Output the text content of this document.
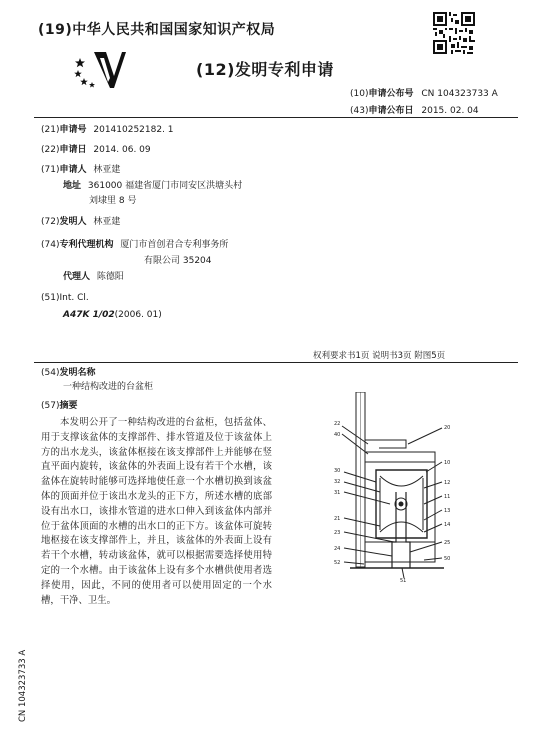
(19)中华人民共和国国家知识产权局
(12)发明专利申请
(10)申请公布号 CN 104323733 A
(43)申请公布日 2015. 02. 04
(21)申请号 201410252182. 1
(22)申请日 2014. 06. 09
(71)申请人 林亚建
地址 361000 福建省厦门市同安区洪塘头村
刘埭里 8 号
(72)发明人 林亚建
(74)专利代理机构 厦门市首创君合专利事务所
有限公司 35204
代理人 陈德阳
(51)Int. Cl.
A47K 1/02(2006. 01)
权利要求书1页 说明书3页 附图5页
(54)发明名称
一种结构改进的台盆柜
(57)摘要
本发明公开了一种结构改进的台盆柜，包括盆体、用于支撑该盆体的支撑部件、排水管道及位于该盆体上方的出水龙头，该盆体枢接在该支撑部件上并能够在竖直平面内旋转，该盆体的外表面上设有若干个水槽，该盆体在旋转时能够可选择地使任意一个水槽切换到该盆体的顶面并位于该出水龙头的正下方，所述水槽的底部设有出水口，该排水管道的进水口伸入到该盆体内部并位于盆体顶面的水槽的出水口的正下方。该盆体可旋转地枢接在该支撑部件上，并且，该盆体的外表面上设有若干个水槽，转动该盆体，就可以根据需要选择使用特定的一个水槽。由于该盆体上设有多个水槽供使用者选择使用，因此，不同的使用者可以使用固定的一个水槽，干净、卫生。
22
40
20
30
32
31
10
12
11
13
14
21
23
24
25
50
52
51
CN 104323733 A
